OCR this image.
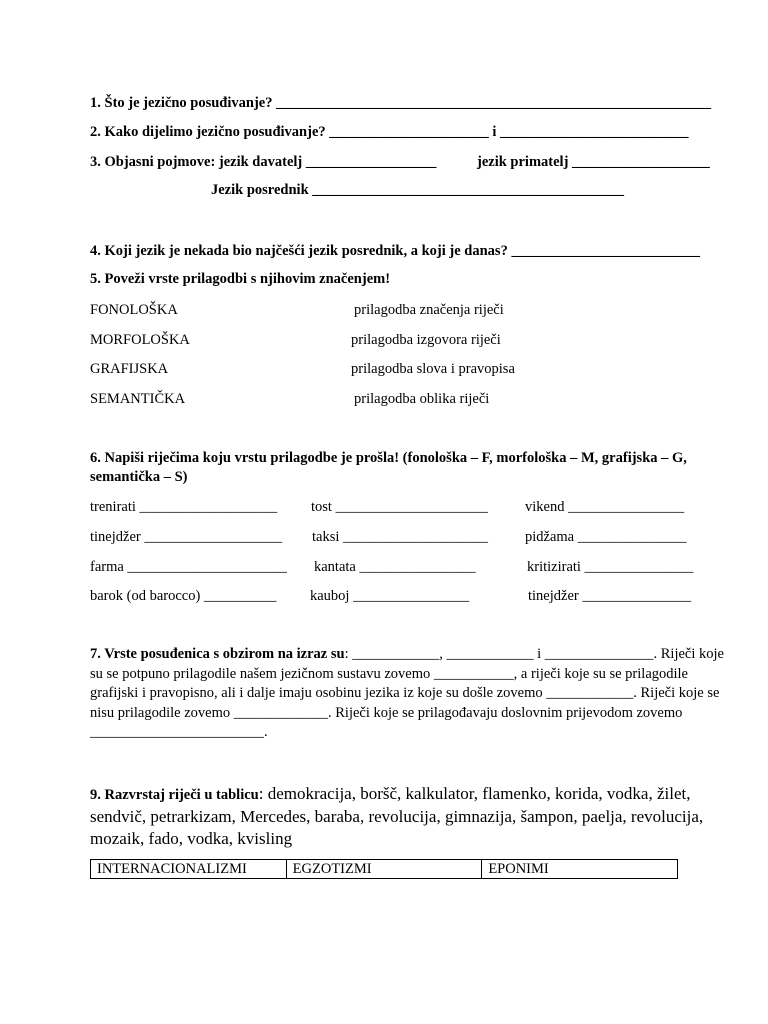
1. Što je jezično posuđivanje? ____________________________________________________________
2. Kako dijelimo jezično posuđivanje? ______________________ i __________________________
3. Objasni pojmove: jezik davatelj __________________	jezik primatelj ___________________
Jezik posrednik ___________________________________________
4. Koji jezik je nekada bio najčešći jezik posrednik, a koji je danas? __________________________
5. Poveži vrste prilagodbi s njihovim značenjem!
FONOLOŠKA	prilagodba značenja riječi
MORFOLOŠKA	prilagodba izgovora riječi
GRAFIJSKA	prilagodba slova i pravopisa
SEMANTIČKA	prilagodba oblika riječi
6. Napiši riječima koju vrstu prilagodbe je prošla! (fonološka – F, morfološka – M, grafijska – G,
semantička – S)
trenirati ___________________ tost _____________________	vikend ________________
tinejdžer ___________________ taksi ____________________	pidžama _______________
farma ______________________ kantata ________________	kritizirati _______________
barok (od barocco) __________ kauboj ________________	tinejdžer _______________
7. Vrste posuđenica s obzirom na izraz su: ____________, ____________ i _______________. Riječi koje su se potpuno prilagodile našem jezičnom sustavu zovemo ___________, a riječi koje su se prilagodile grafijski i pravopisno, ali i dalje imaju osobinu jezika iz koje su došle zovemo ____________. Riječi koje se nisu prilagodile zovemo _____________. Riječi koje se prilagođavaju doslovnim prijevodom zovemo ________________________.
9. Razvrstaj riječi u tablicu: demokracija, boršč, kalkulator, flamenko, korida, vodka, žilet, sendvič, petrarkizam, Mercedes, baraba, revolucija, gimnazija, šampon, paelja, revolucija, mozaik, fado, vodka, kvisling
INTERNACIONALIZMI	EGZOTIZMI	EPONIMI
